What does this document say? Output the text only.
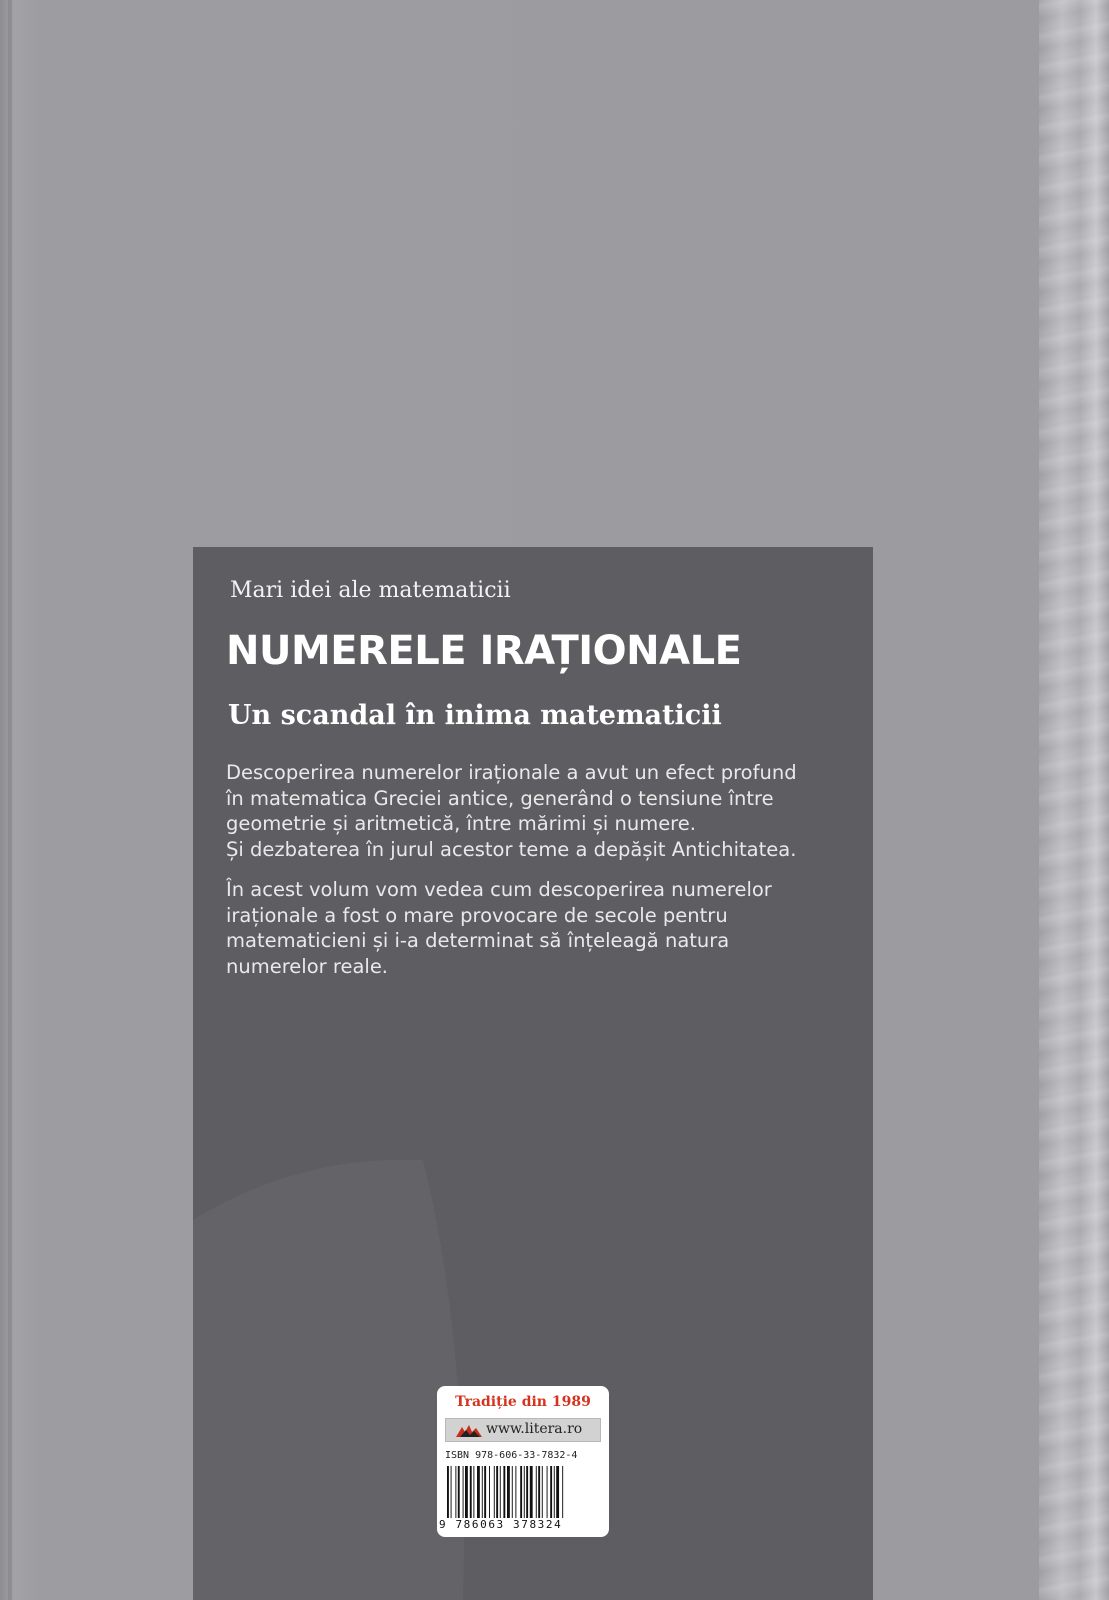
Mari idei ale matematicii

NUMERELE IRAȚIONALE
Un scandal în inima matematicii

Descoperirea numerelor iraționale a avut un efect profund
în matematica Greciei antice, generând o tensiune între
geometrie și aritmetică, între mărimi și numere.
Și dezbaterea în jurul acestor teme a depășit Antichitatea.

În acest volum vom vedea cum descoperirea numerelor
iraționale a fost o mare provocare de secole pentru
matematicieni și i-a determinat să înțeleagă natura
numerelor reale.

Tradiție din 1989

www.litera.ro

ISBN 978-606-33-7832-4

9 786063 378324
